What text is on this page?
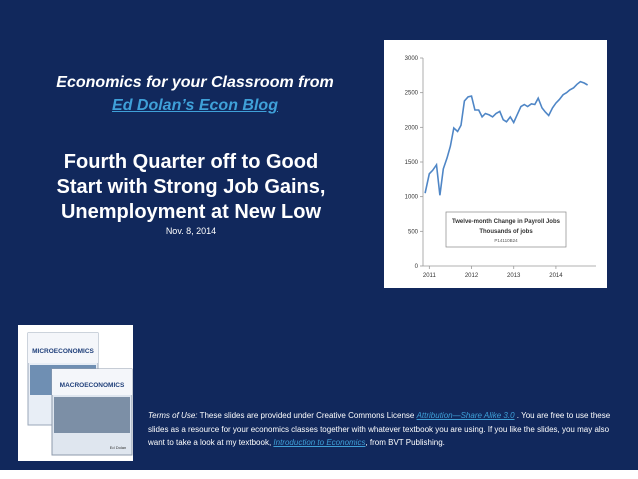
Economics for your Classroom from
Ed Dolan’s Econ Blog
Fourth Quarter off to Good
Start with Strong Job Gains,
Unemployment at New Low
Nov. 8, 2014
0
500
1000
1500
2000
2500
3000
2011	2012	2013	2014
Twelve-month Change in Payroll Jobs
Thousands of jobs
P14110B24
MICROECONOMICS
MACROECONOMICS
Ed Dolan
Terms of Use: These slides are provided under Creative Commons License Attribution—Share Alike 3.0 . You are free to use these slides as a resource for your economics classes together with whatever textbook you are using. If you like the slides, you may also want to take a look at my textbook, Introduction to Economics, from BVT Publishing.
